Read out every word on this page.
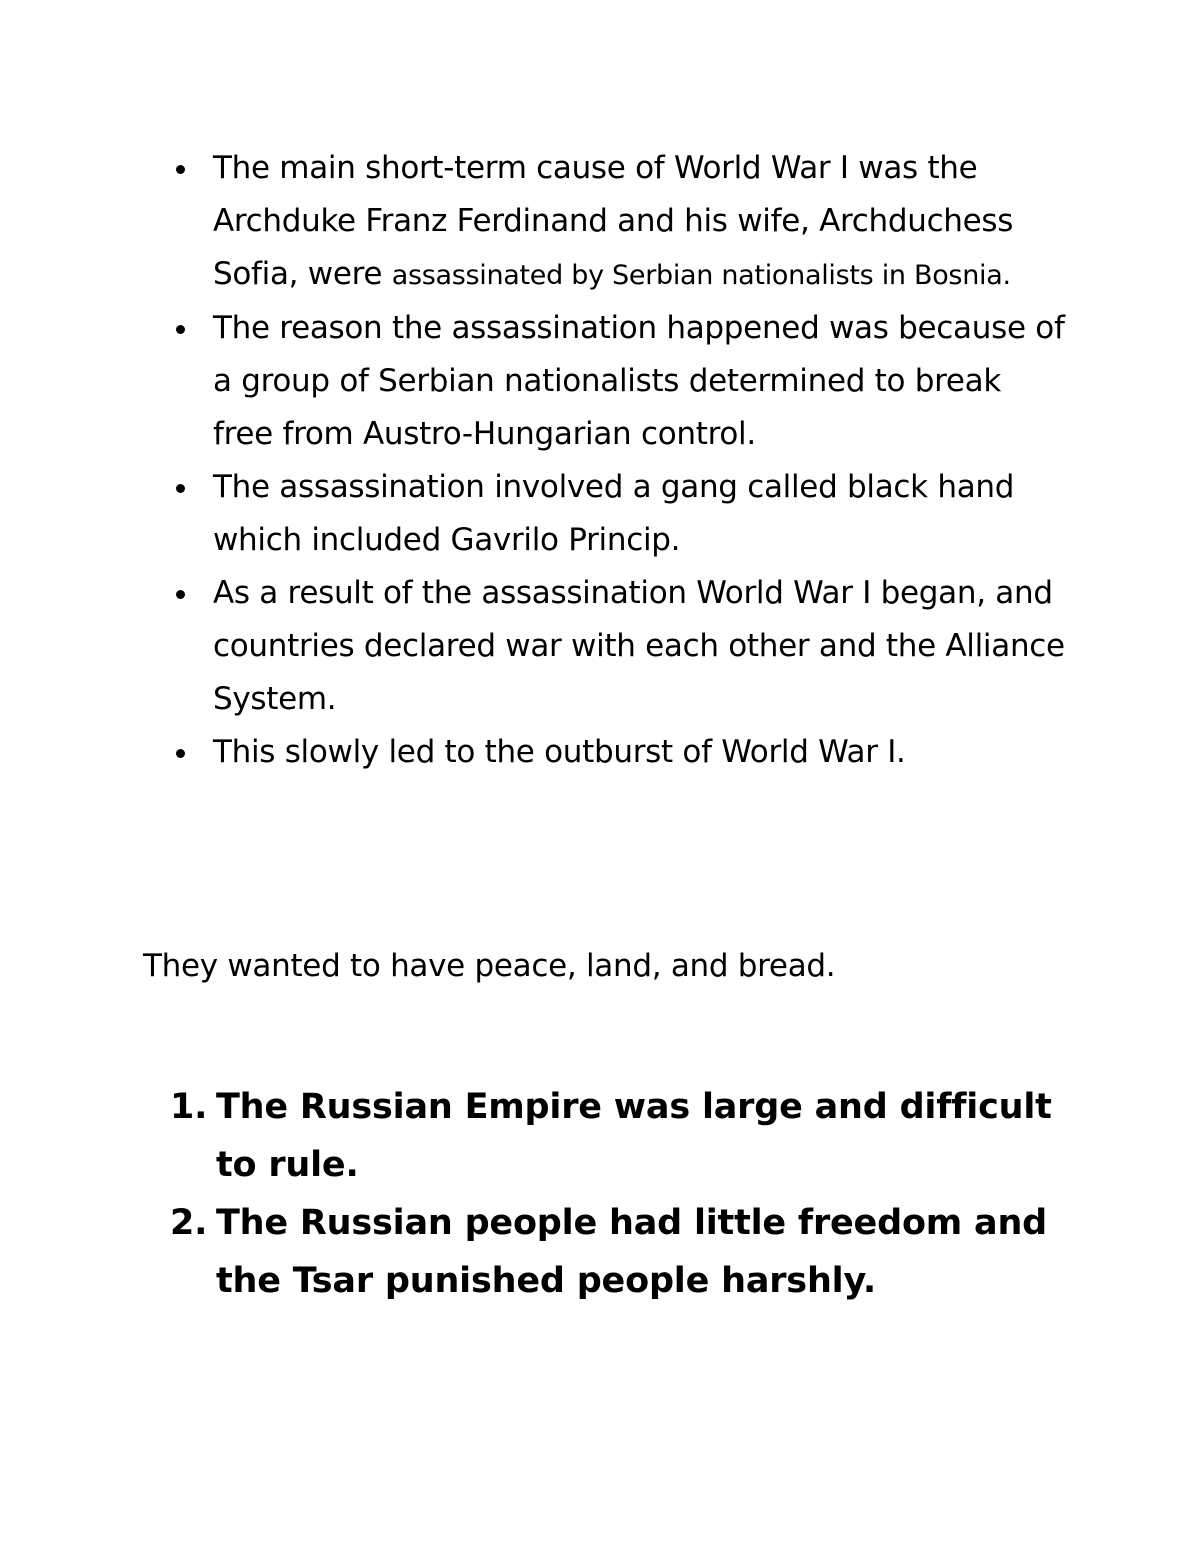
The main short-term cause of World War I was the Archduke Franz Ferdinand and his wife, Archduchess Sofia, were assassinated by Serbian nationalists in Bosnia.
The reason the assassination happened was because of a group of Serbian nationalists determined to break free from Austro-Hungarian control.
The assassination involved a gang called black hand which included Gavrilo Princip.
As a result of the assassination World War I began, and countries declared war with each other and the Alliance System.
This slowly led to the outburst of World War I.

They wanted to have peace, land, and bread.

1. The Russian Empire was large and difficult to rule.
2. The Russian people had little freedom and the Tsar punished people harshly.
